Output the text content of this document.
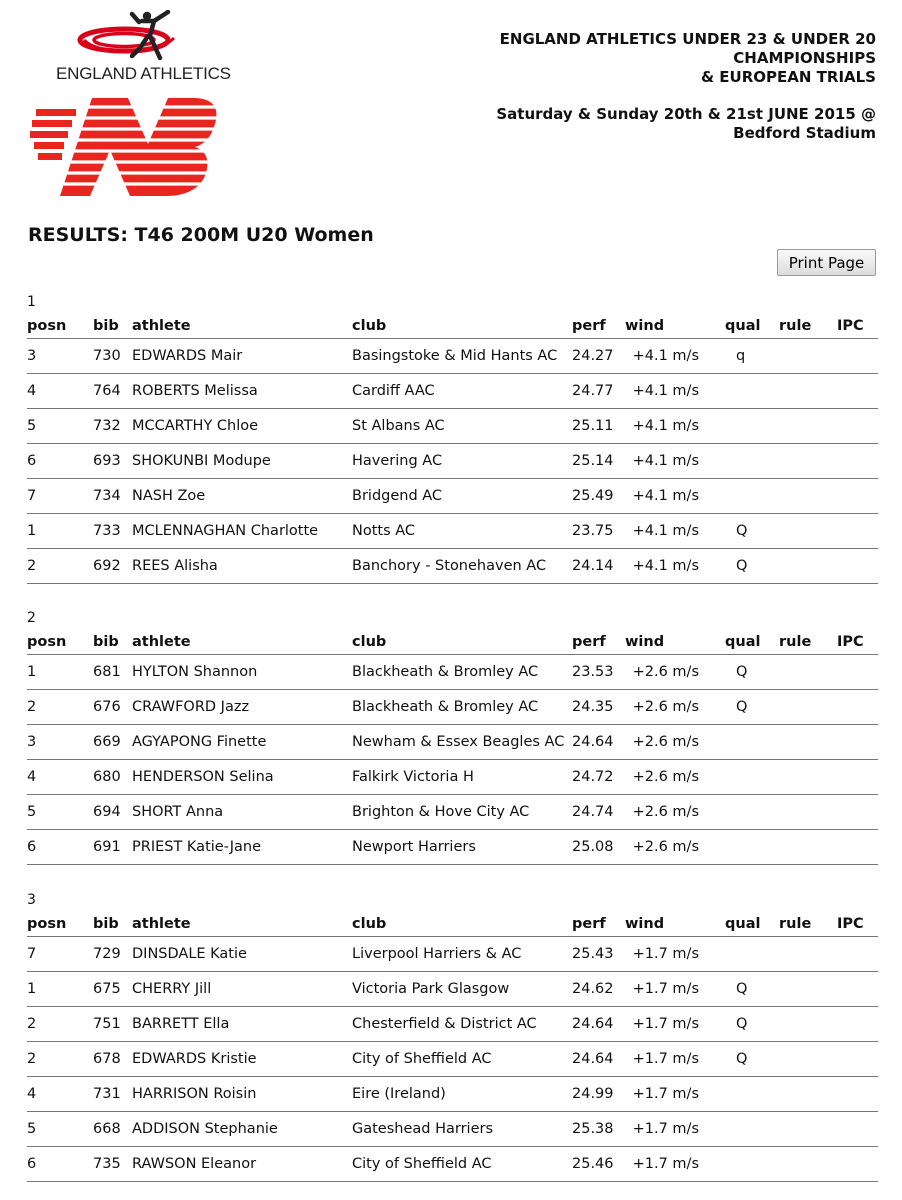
ENGLAND ATHLETICS
ENGLAND ATHLETICS UNDER 23 & UNDER 20
CHAMPIONSHIPS
& EUROPEAN TRIALS
Saturday & Sunday 20th & 21st JUNE 2015 @
Bedford Stadium
RESULTS: T46 200M U20 Women
Print Page
1
posn	bib	athlete	club	perf	wind	qual	rule	IPC
3	730	EDWARDS Mair	Basingstoke & Mid Hants AC	24.27	+4.1 m/s	q		
4	764	ROBERTS Melissa	Cardiff AAC	24.77	+4.1 m/s			
5	732	MCCARTHY Chloe	St Albans AC	25.11	+4.1 m/s			
6	693	SHOKUNBI Modupe	Havering AC	25.14	+4.1 m/s			
7	734	NASH Zoe	Bridgend AC	25.49	+4.1 m/s			
1	733	MCLENNAGHAN Charlotte	Notts AC	23.75	+4.1 m/s	Q		
2	692	REES Alisha	Banchory - Stonehaven AC	24.14	+4.1 m/s	Q		
2
posn	bib	athlete	club	perf	wind	qual	rule	IPC
1	681	HYLTON Shannon	Blackheath & Bromley AC	23.53	+2.6 m/s	Q		
2	676	CRAWFORD Jazz	Blackheath & Bromley AC	24.35	+2.6 m/s	Q		
3	669	AGYAPONG Finette	Newham & Essex Beagles AC	24.64	+2.6 m/s			
4	680	HENDERSON Selina	Falkirk Victoria H	24.72	+2.6 m/s			
5	694	SHORT Anna	Brighton & Hove City AC	24.74	+2.6 m/s			
6	691	PRIEST Katie-Jane	Newport Harriers	25.08	+2.6 m/s			
3
posn	bib	athlete	club	perf	wind	qual	rule	IPC
7	729	DINSDALE Katie	Liverpool Harriers & AC	25.43	+1.7 m/s			
1	675	CHERRY Jill	Victoria Park Glasgow	24.62	+1.7 m/s	Q		
2	751	BARRETT Ella	Chesterfield & District AC	24.64	+1.7 m/s	Q		
2	678	EDWARDS Kristie	City of Sheffield AC	24.64	+1.7 m/s	Q		
4	731	HARRISON Roisin	Eire (Ireland)	24.99	+1.7 m/s			
5	668	ADDISON Stephanie	Gateshead Harriers	25.38	+1.7 m/s			
6	735	RAWSON Eleanor	City of Sheffield AC	25.46	+1.7 m/s			
